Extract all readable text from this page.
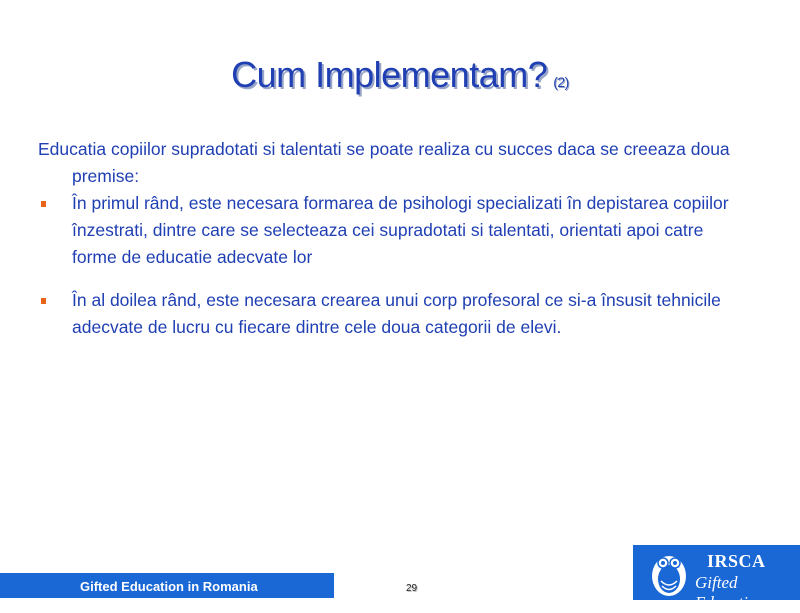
Cum Implementam? (2)

Educatia copiilor supradotati si talentati se poate realiza cu succes daca se creeaza doua premise:

În primul rând, este necesara formarea de psihologi specializati în depistarea copiilor înzestrati, dintre care se selecteaza cei supradotati si talentati, orientati apoi catre forme de educatie adecvate lor
În al doilea rând, este necesara crearea unui corp profesoral ce si-a însusit tehnicile adecvate de lucru cu fiecare dintre cele doua categorii de elevi.
Gifted Education in Romania	29
IRSCA
Gifted Education
